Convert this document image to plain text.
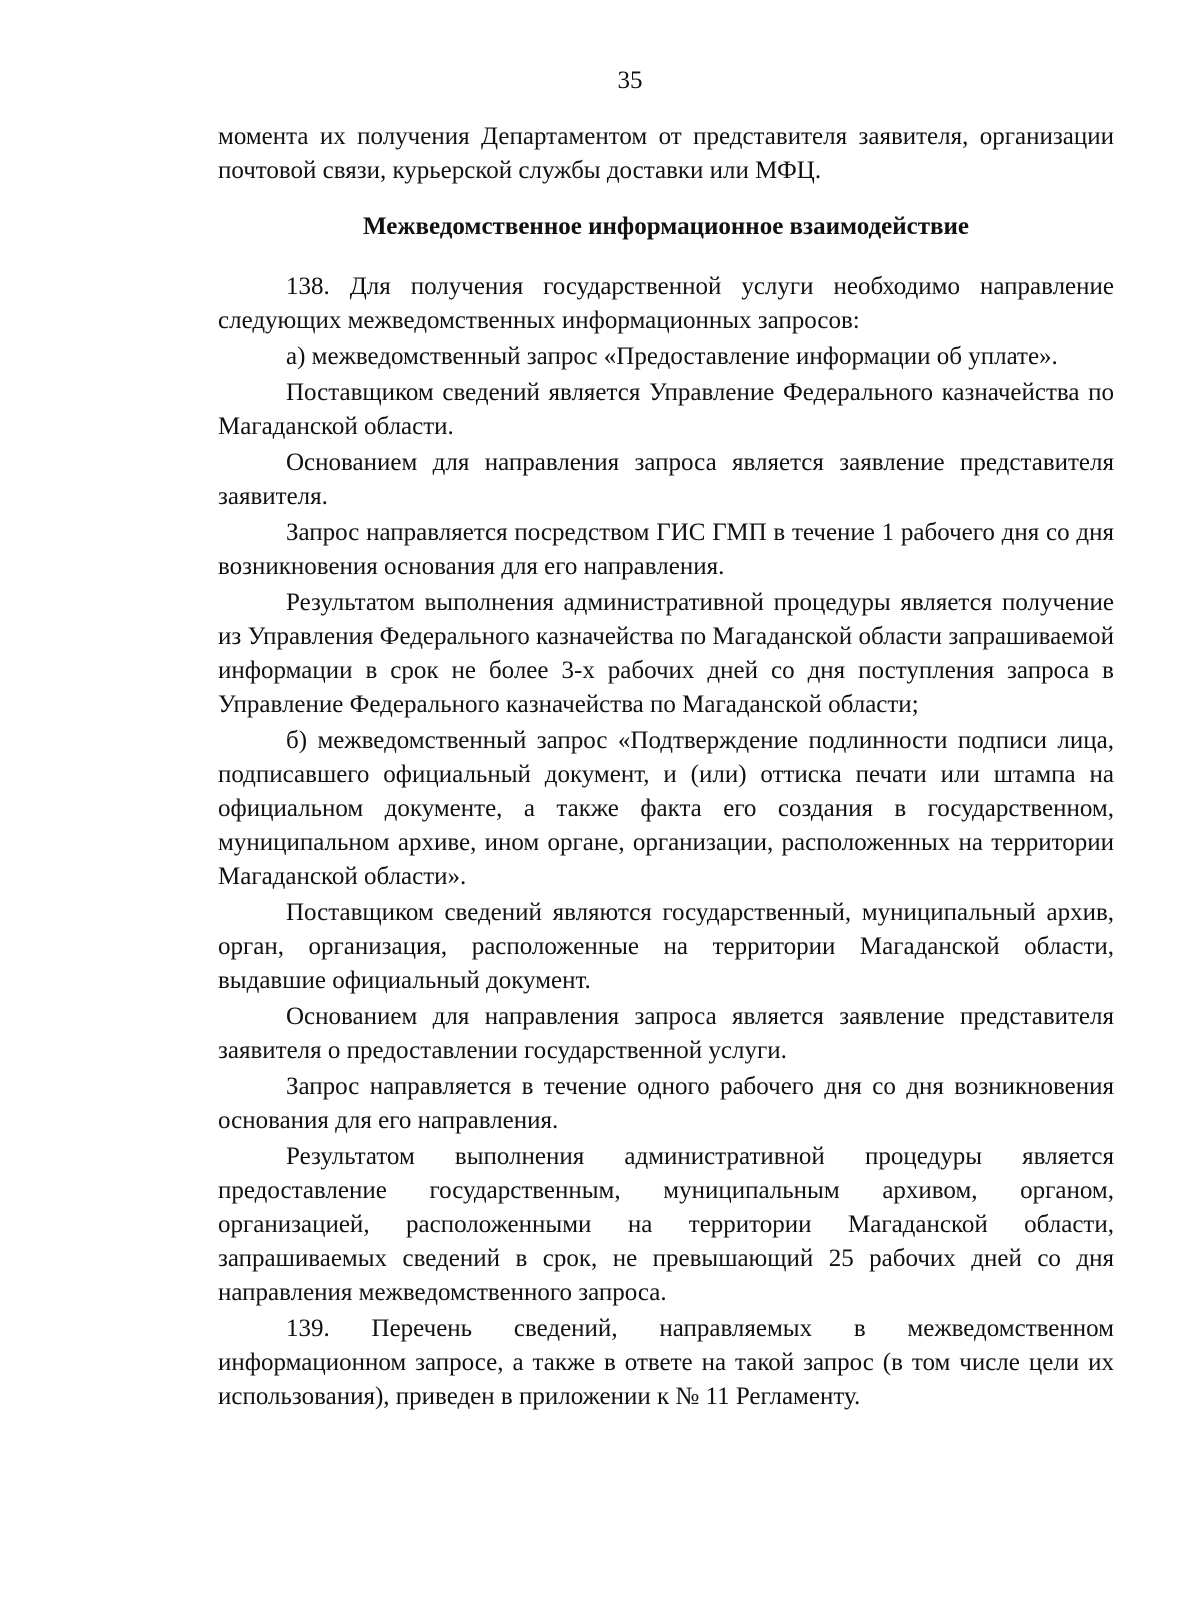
35

момента их получения Департаментом от представителя заявителя, организации почтовой связи, курьерской службы доставки или МФЦ.

Межведомственное информационное взаимодействие

138. Для получения государственной услуги необходимо направление следующих межведомственных информационных запросов:

а) межведомственный запрос «Предоставление информации об уплате».

Поставщиком сведений является Управление Федерального казначейства по Магаданской области.

Основанием для направления запроса является заявление представителя заявителя.

Запрос направляется посредством ГИС ГМП в течение 1 рабочего дня со дня возникновения основания для его направления.

Результатом выполнения административной процедуры является получение из Управления Федерального казначейства по Магаданской области запрашиваемой информации в срок не более 3-х рабочих дней со дня поступления запроса в Управление Федерального казначейства по Магаданской области;

б) межведомственный запрос «Подтверждение подлинности подписи лица, подписавшего официальный документ, и (или) оттиска печати или штампа на официальном документе, а также факта его создания в государственном, муниципальном архиве, ином органе, организации, расположенных на территории Магаданской области».

Поставщиком сведений являются государственный, муниципальный архив, орган, организация, расположенные на территории Магаданской области, выдавшие официальный документ.

Основанием для направления запроса является заявление представителя заявителя о предоставлении государственной услуги.

Запрос направляется в течение одного рабочего дня со дня возникновения основания для его направления.

Результатом выполнения административной процедуры является предоставление государственным, муниципальным архивом, органом, организацией, расположенными на территории Магаданской области, запрашиваемых сведений в срок, не превышающий 25 рабочих дней со дня направления межведомственного запроса.

139. Перечень сведений, направляемых в межведомственном информационном запросе, а также в ответе на такой запрос (в том числе цели их использования), приведен в приложении к № 11 Регламенту.
